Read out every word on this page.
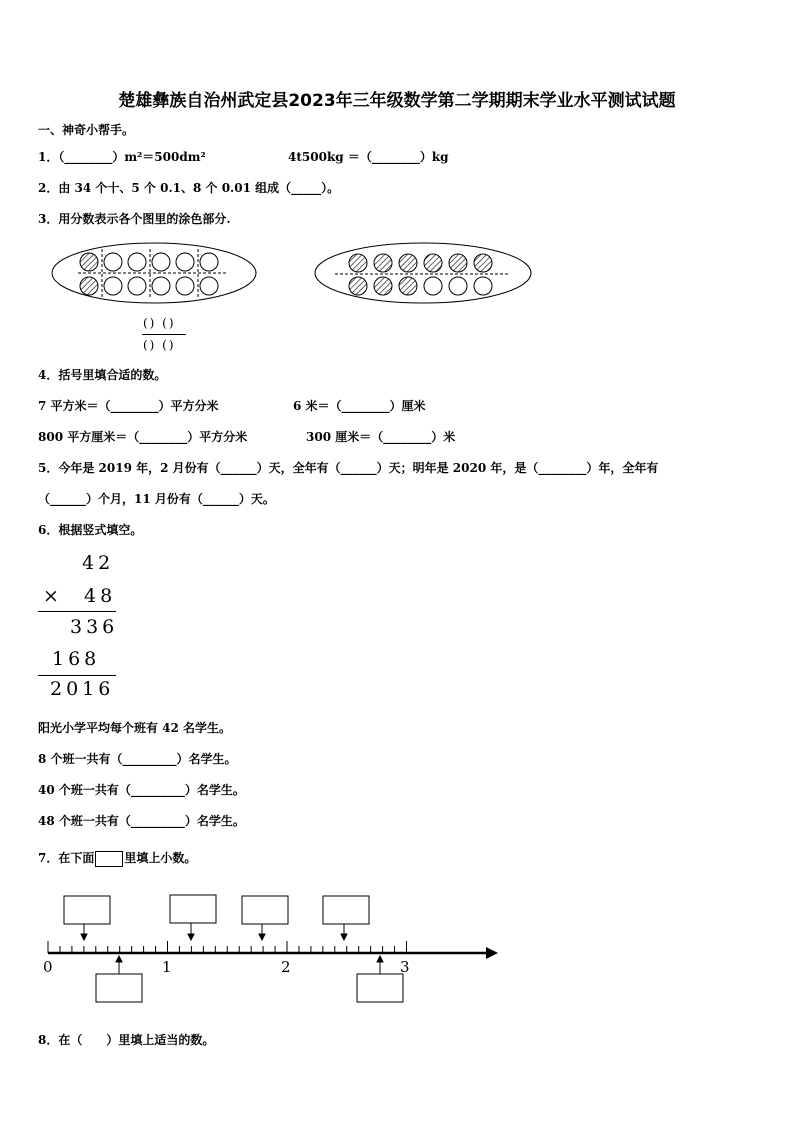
楚雄彝族自治州武定县2023年三年级数学第二学期期末学业水平测试试题
一、神奇小帮手。
1．（________）m²＝500dm²	4t500kg ＝（________）kg
2．由 34 个十、5 个 0.1、8 个 0.01 组成（_____）。
3．用分数表示各个图里的涂色部分.
() ()
() ()
4．括号里填合适的数。
7 平方米＝（________）平方分米	6 米＝（________）厘米
800 平方厘米＝（________）平方分米	300 厘米＝（________）米
5．今年是 2019 年，2 月份有（______）天，全年有（______）天；明年是 2020 年，是（________）年，全年有
（______）个月，11 月份有（______）天。
6．根据竖式填空。
42
× 48
336
168
2016
阳光小学平均每个班有 42 名学生。
8 个班一共有（_________）名学生。
40 个班一共有（_________）名学生。
48 个班一共有（_________）名学生。
7．在下面	里填上小数。
0	1	2	3
8．在（　　）里填上适当的数。
